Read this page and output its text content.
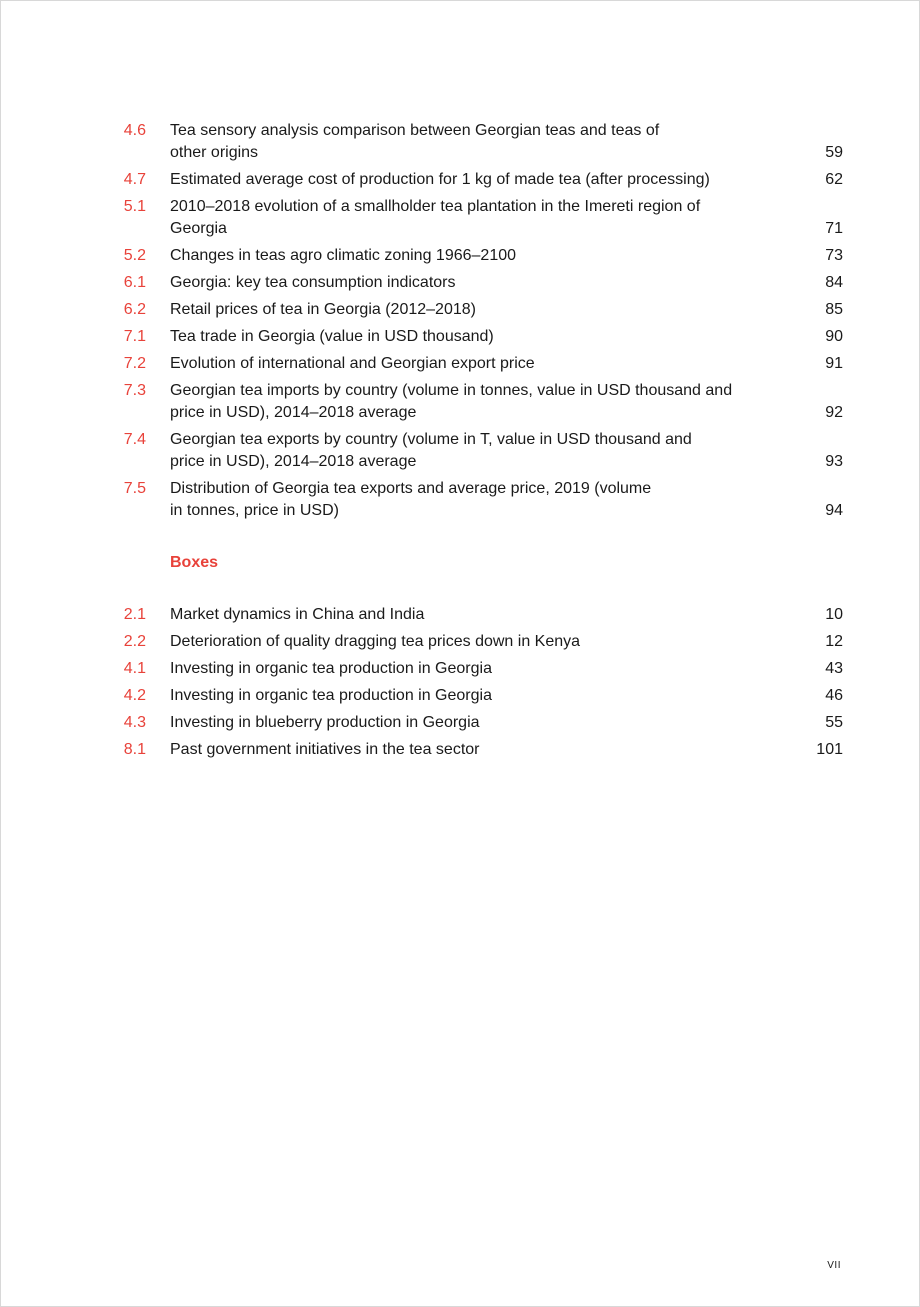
4.6 Tea sensory analysis comparison between Georgian teas and teas of other origins	59
4.7 Estimated average cost of production for 1 kg of made tea (after processing)	62
5.1 2010–2018 evolution of a smallholder tea plantation in the Imereti region of Georgia	71
5.2 Changes in teas agro climatic zoning 1966–2100	73
6.1 Georgia: key tea consumption indicators	84
6.2 Retail prices of tea in Georgia (2012–2018)	85
7.1 Tea trade in Georgia (value in USD thousand)	90
7.2 Evolution of international and Georgian export price	91
7.3 Georgian tea imports by country (volume in tonnes, value in USD thousand and price in USD), 2014–2018 average	92
7.4 Georgian tea exports by country (volume in T, value in USD thousand and price in USD), 2014–2018 average	93
7.5 Distribution of Georgia tea exports and average price, 2019 (volume in tonnes, price in USD)	94
Boxes
2.1 Market dynamics in China and India	10
2.2 Deterioration of quality dragging tea prices down in Kenya	12
4.1 Investing in organic tea production in Georgia	43
4.2 Investing in organic tea production in Georgia	46
4.3 Investing in blueberry production in Georgia	55
8.1 Past government initiatives in the tea sector	101
VII
